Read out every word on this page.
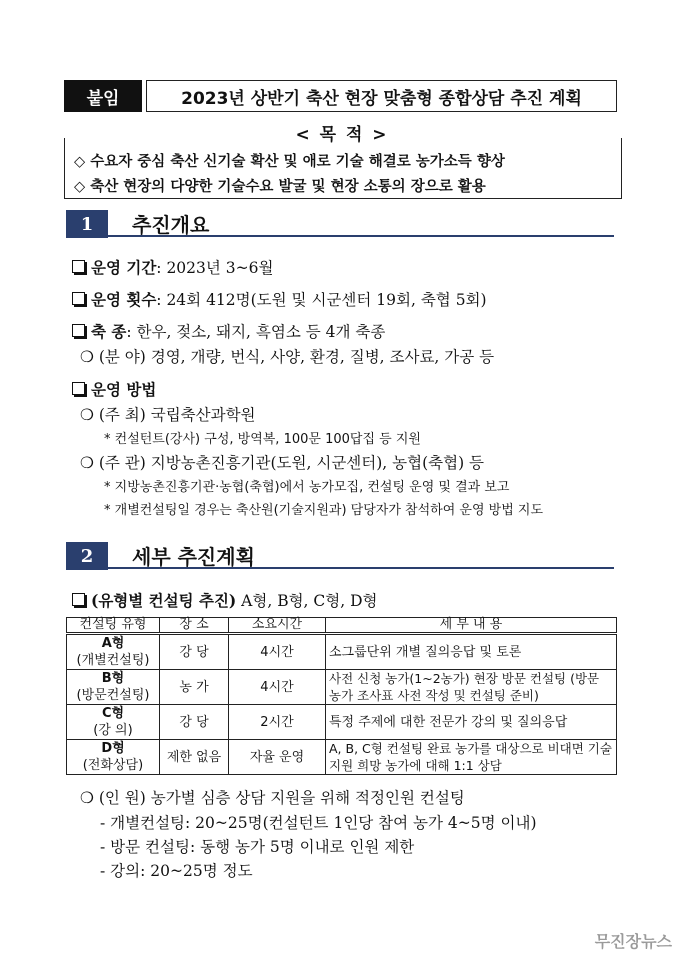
붙임	2023년 상반기 축산 현장 맞춤형 종합상담 추진 계획
< 목 적 >
◇ 수요자 중심 축산 신기술 확산 및 애로 기술 해결로 농가소득 향상
◇ 축산 현장의 다양한 기술수요 발굴 및 현장 소통의 장으로 활용
1	추진개요
운영 기간: 2023년 3~6월
운영 횟수: 24회 412명(도원 및 시군센터 19회, 축협 5회)
축 종: 한우, 젖소, 돼지, 흑염소 등 4개 축종
❍ (분 야) 경영, 개량, 번식, 사양, 환경, 질병, 조사료, 가공 등
운영 방법
❍ (주 최) 국립축산과학원
* 컨설턴트(강사) 구성, 방역복, 100문 100답집 등 지원
❍ (주 관) 지방농촌진흥기관(도원, 시군센터), 농협(축협) 등
* 지방농촌진흥기관·농협(축협)에서 농가모집, 컨설팅 운영 및 결과 보고
* 개별컨설팅일 경우는 축산원(기술지원과) 담당자가 참석하여 운영 방법 지도
2	세부 추진계획
(유형별 컨설팅 추진) A형, B형, C형, D형
컨설팅 유형	장 소	소요시간	세 부 내 용

A형
(개별컨설팅)	강 당	4시간	소그룹단위 개별 질의응답 및 토론

B형
(방문컨설팅)	농 가	4시간	사전 신청 농가(1~2농가) 현장 방문 컨설팅 (방문 농가 조사표 사전 작성 및 컨설팅 준비)

C형
(강 의)	강 당	2시간	특정 주제에 대한 전문가 강의 및 질의응답

D형
(전화상담)	제한 없음	자율 운영	A, B, C형 컨설팅 완료 농가를 대상으로 비대면 기술지원 희망 농가에 대해 1:1 상담
❍ (인 원) 농가별 심층 상담 지원을 위해 적정인원 컨설팅
- 개별컨설팅: 20~25명(컨설턴트 1인당 참여 농가 4~5명 이내)
- 방문 컨설팅: 동행 농가 5명 이내로 인원 제한
- 강의: 20~25명 정도
무진장뉴스
